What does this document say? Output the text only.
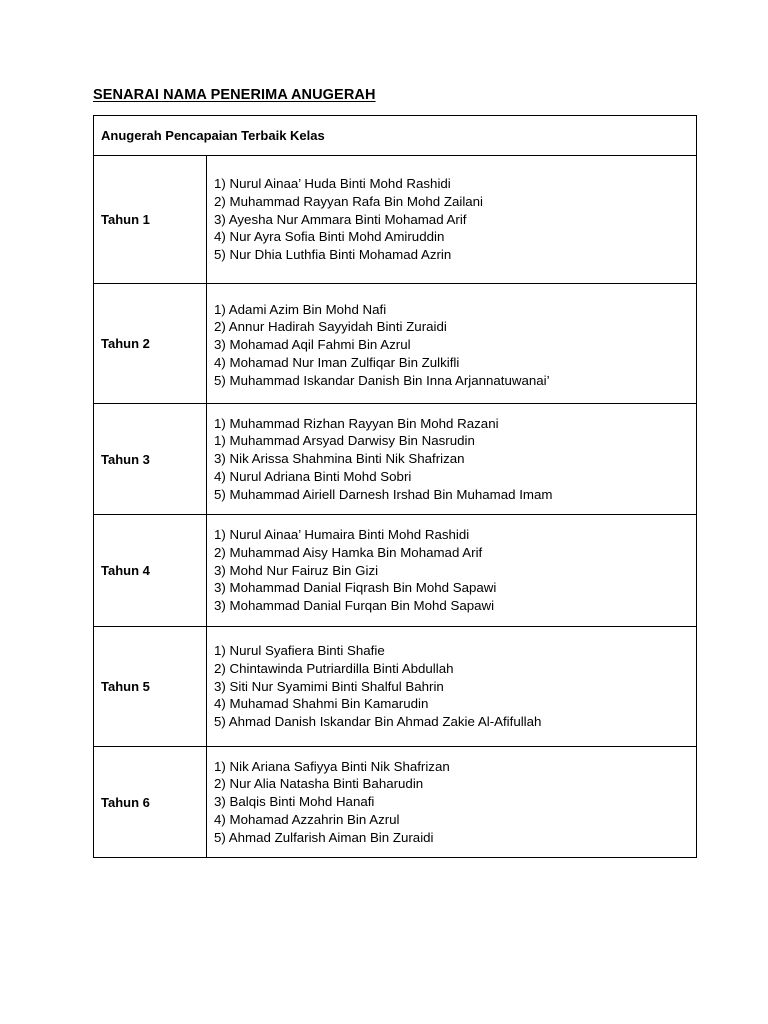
SENARAI NAMA PENERIMA ANUGERAH
Anugerah Pencapaian Terbaik Kelas	
Tahun 1	1) Nurul Ainaa’ Huda Binti Mohd Rashidi
2) Muhammad Rayyan Rafa Bin Mohd Zailani
3) Ayesha Nur Ammara Binti Mohamad Arif
4) Nur Ayra Sofia Binti Mohd Amiruddin
5) Nur Dhia Luthfia Binti Mohamad Azrin

Tahun 2	1) Adami Azim Bin Mohd Nafi
2) Annur Hadirah Sayyidah Binti Zuraidi
3) Mohamad Aqil Fahmi Bin Azrul
4) Mohamad Nur Iman Zulfiqar Bin Zulkifli
5) Muhammad Iskandar Danish Bin Inna Arjannatuwanai’

Tahun 3	1) Muhammad Rizhan Rayyan Bin Mohd Razani
1) Muhammad Arsyad Darwisy Bin Nasrudin
3) Nik Arissa Shahmina Binti Nik Shafrizan
4) Nurul Adriana Binti Mohd Sobri
5) Muhammad Airiell Darnesh Irshad Bin Muhamad Imam

Tahun 4	1) Nurul Ainaa’ Humaira Binti Mohd Rashidi
2) Muhammad Aisy Hamka Bin Mohamad Arif
3) Mohd Nur Fairuz Bin Gizi
3) Mohammad Danial Fiqrash Bin Mohd Sapawi
3) Mohammad Danial Furqan Bin Mohd Sapawi

Tahun 5	1) Nurul Syafiera Binti Shafie
2) Chintawinda Putriardilla Binti Abdullah
3) Siti Nur Syamimi Binti Shalful Bahrin
4) Muhamad Shahmi Bin Kamarudin
5) Ahmad Danish Iskandar Bin Ahmad Zakie Al-Afifullah

Tahun 6	1) Nik Ariana Safiyya Binti Nik Shafrizan
2) Nur Alia Natasha Binti Baharudin
3) Balqis Binti Mohd Hanafi
4) Mohamad Azzahrin Bin Azrul
5) Ahmad Zulfarish Aiman Bin Zuraidi
